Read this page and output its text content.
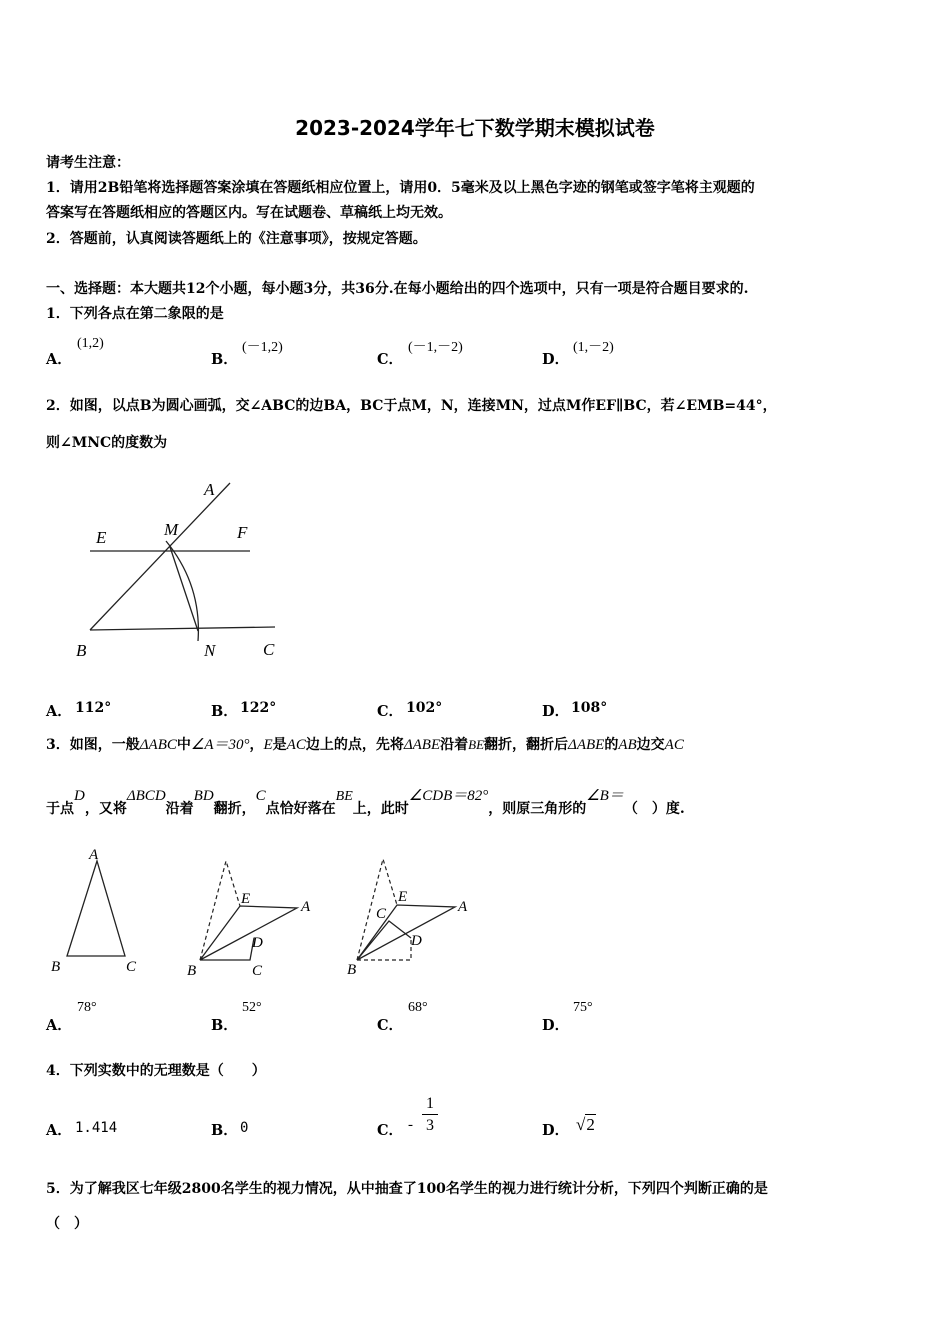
2023-2024学年七下数学期末模拟试卷
请考生注意：
1．请用2B铅笔将选择题答案涂填在答题纸相应位置上，请用0．5毫米及以上黑色字迹的钢笔或签字笔将主观题的
答案写在答题纸相应的答题区内。写在试题卷、草稿纸上均无效。
2．答题前，认真阅读答题纸上的《注意事项》，按规定答题。
一、选择题：本大题共12个小题，每小题3分，共36分.在每小题给出的四个选项中，只有一项是符合题目要求的.
1．下列各点在第二象限的是
A．
(1,2)
B．
(－1,2)
C．
(－1,－2)
D．
(1,－2)
2．如图，以点B为圆心画弧，交∠ABC的边BA，BC于点M，N，连接MN，过点M作EF∥BC，若∠EMB=44°，
则∠MNC的度数为
A
E	M	F
B	N	C
A． 112°	B． 122°	C． 102°	D． 108°
3．如图，一般ΔABC中∠A＝30°，E是AC边上的点，先将ΔABE沿着BE翻折，翻折后ΔABE的AB边交AC
于点D，又将ΔBCD沿着BD翻折，C点恰好落在BE上，此时∠CDB＝82°，则原三角形的∠B＝（　）度.
A
B	C
E	A
D
B	C
C
E
A
D
B
A．
78°
B．
52°
C．
68°
D．
75°
4．下列实数中的无理数是（　　）
A． 1.414	B． 0	C． -
1
3	D． √2
5．为了解我区七年级2800名学生的视力情况，从中抽查了100名学生的视力进行统计分析，下列四个判断正确的是
（　）
